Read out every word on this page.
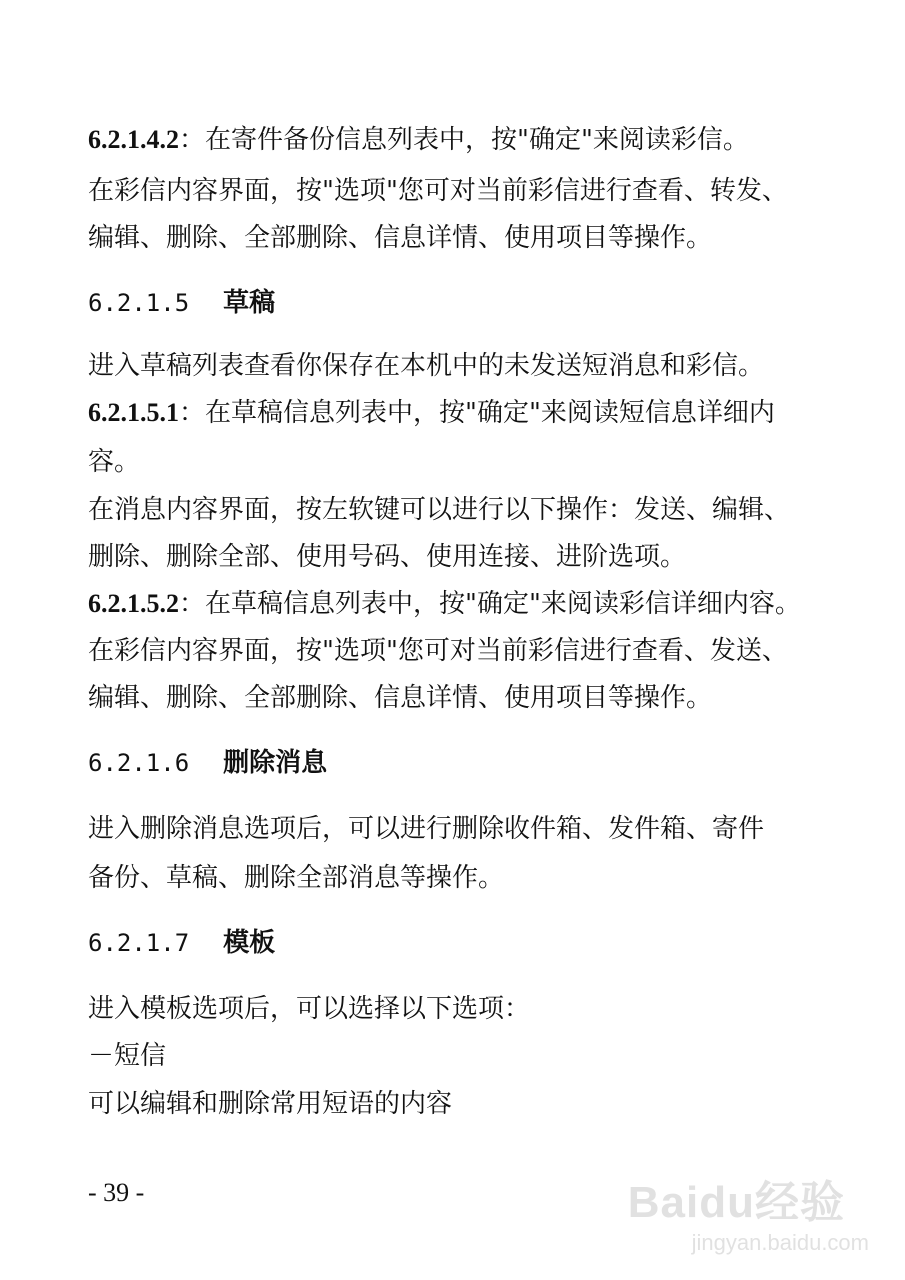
6.2.1.4.2：在寄件备份信息列表中，按"确定"来阅读彩信。
在彩信内容界面，按"选项"您可对当前彩信进行查看、转发、
编辑、删除、全部删除、信息详情、使用项目等操作。
6.2.1.5 草稿
进入草稿列表查看你保存在本机中的未发送短消息和彩信。
6.2.1.5.1：在草稿信息列表中，按"确定"来阅读短信息详细内
容。
在消息内容界面，按左软键可以进行以下操作：发送、编辑、
删除、删除全部、使用号码、使用连接、进阶选项。
6.2.1.5.2：在草稿信息列表中，按"确定"来阅读彩信详细内容。
在彩信内容界面，按"选项"您可对当前彩信进行查看、发送、
编辑、删除、全部删除、信息详情、使用项目等操作。
6.2.1.6 删除消息
进入删除消息选项后，可以进行删除收件箱、发件箱、寄件
备份、草稿、删除全部消息等操作。
6.2.1.7 模板
进入模板选项后，可以选择以下选项：
－短信
可以编辑和删除常用短语的内容
- 39 -	Baidu经验
jingyan.baidu.com
